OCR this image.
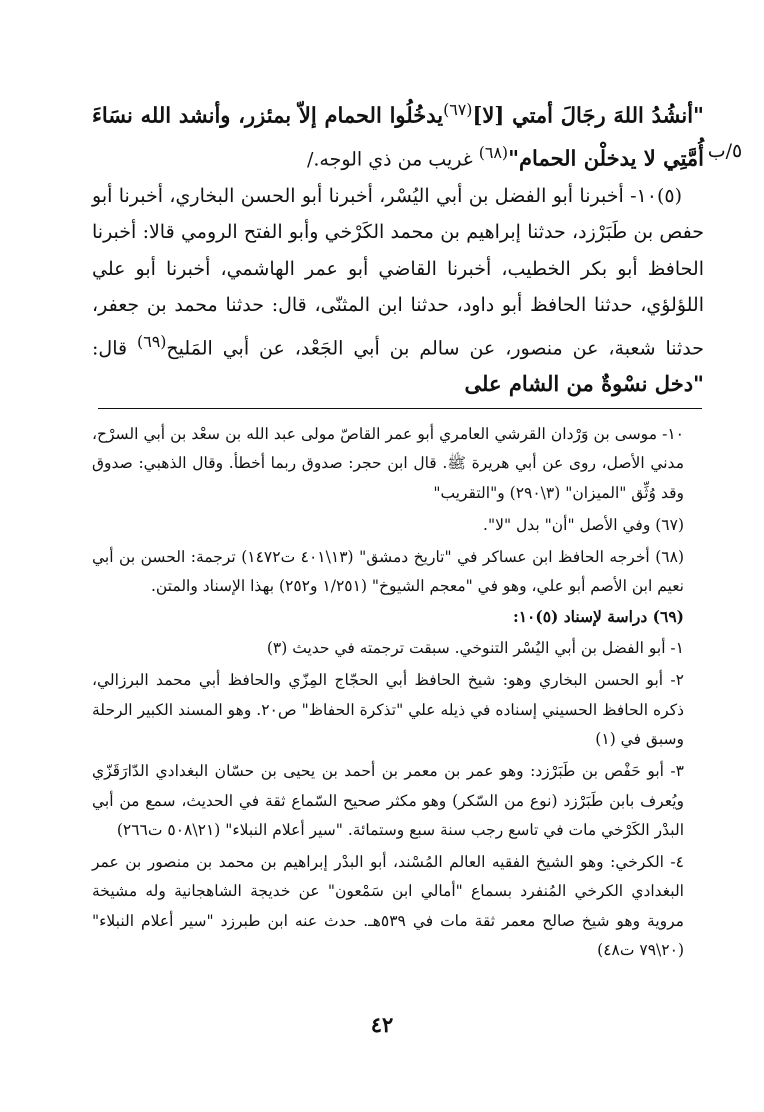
٥/ب

"أنشُدُ اللهَ رجَالَ أمتي [لا]$^{(٦٧)}$يدخُلُوا الحمام إلاّ بمئزر، وأنشد الله نسَاءَ أُمَّتِي لا يدخلْن الحمام"$^{(٦٨)}$ غريب من ذي الوجه./

(٥)١٠- أخبرنا أبو الفضل بن أبي اليُسْر، أخبرنا أبو الحسن البخاري، أخبرنا أبو حفص بن طَبَرْزد، حدثنا إبراهيم بن محمد الكَرْخي وأبو الفتح الرومي قالا: أخبرنا الحافظ أبو بكر الخطيب، أخبرنا القاضي أبو عمر الهاشمي، أخبرنا أبو علي اللؤلؤي، حدثنا الحافظ أبو داود، حدثنا ابن المثنّى، قال: حدثنا محمد بن جعفر، حدثنا شعبة، عن منصور، عن سالم بن أبي الجَعْد، عن أبي المَليح$^{(٦٩)}$ قال: "دخل نسْوةٌ من الشام على

١٠- موسى بن وَرْدان القرشي العامري أبو عمر القاصّ مولى عبد الله بن سعْد بن أبي السرْح، مدني الأصل، روى عن أبي هريرة ﷺ. قال ابن حجر: صدوق ربما أخطأ. وقال الذهبي: صدوق وقد وُثِّق "الميزان" (٣\٢٩٠) و"التقريب"

(٦٧) وفي الأصل "أن" بدل "لا".

(٦٨) أخرجه الحافظ ابن عساكر في "تاريخ دمشق" (١٣\٤٠١ ت١٤٧٢) ترجمة: الحسن بن أبي نعيم ابن الأصم أبو علي، وهو في "معجم الشيوخ" (١/٢٥١ و٢٥٢) بهذا الإسناد والمتن.

(٦٩) دراسة لإسناد (٥)١٠:

١- أبو الفضل بن أبي اليُسْر التنوخي. سبقت ترجمته في حديث (٣)

٢- أبو الحسن البخاري وهو: شيخ الحافظ أبي الحجّاج المِزّي والحافظ أبي محمد البرزالي، ذكره الحافظ الحسيني إسناده في ذيله علي "تذكرة الحفاظ" ص٢٠. وهو المسند الكبير الرحلة وسبق في (١)

٣- أبو حَفْص بن طَبَرْزد: وهو عمر بن معمر بن أحمد بن يحيى بن حسّان البغدادي الدّارَقَزّي ويُعرف بابن طَبَرْزد (نوع من السّكر) وهو مكثر صحيح السّماع ثقة في الحديث، سمع من أبي البدْر الكَرْخي مات في تاسع رجب سنة سبع وستمائة. "سير أعلام النبلاء" (٢١\٥٠٨ ت٢٦٦)

٤- الكرخي: وهو الشيخ الفقيه العالم المُسْند، أبو البدْر إبراهيم بن محمد بن منصور بن عمر البغدادي الكرخي المُنفرد بسماع "أمالي ابن سَمْعون" عن خديجة الشاهجانية وله مشيخة مروية وهو شيخ صالح معمر ثقة مات في ٥٣٩هـ. حدث عنه ابن طبرزد "سير أعلام النبلاء" (٢٠\٧٩ ت٤٨)

٤٢
